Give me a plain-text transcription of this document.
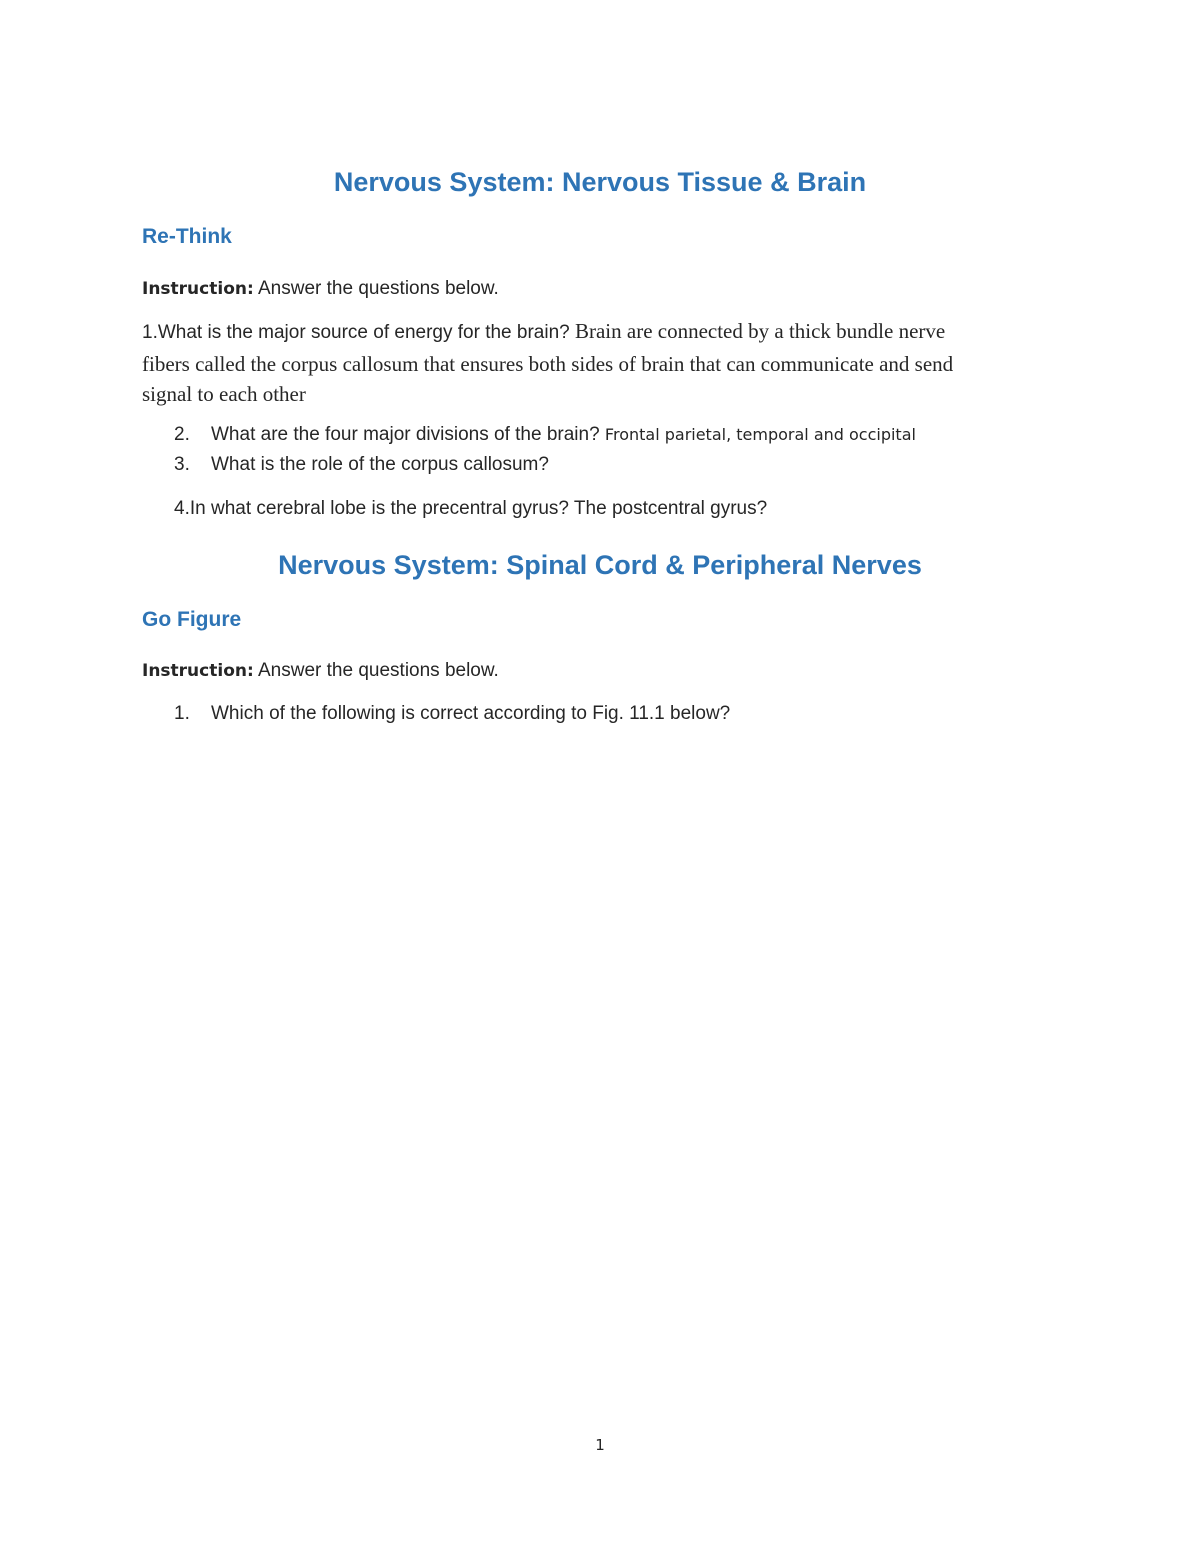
Nervous System: Nervous Tissue & Brain
Re-Think

Instruction: Answer the questions below.

1.What is the major source of energy for the brain? Brain are connected by a thick bundle nerve
fibers called the corpus callosum that ensures both sides of brain that can communicate and send
signal to each other

2. What are the four major divisions of the brain? Frontal parietal, temporal and occipital

3. What is the role of the corpus callosum?

4.In what cerebral lobe is the precentral gyrus? The postcentral gyrus?

Nervous System: Spinal Cord & Peripheral Nerves
Go Figure

Instruction: Answer the questions below.

1. Which of the following is correct according to Fig. 11.1 below?

1
